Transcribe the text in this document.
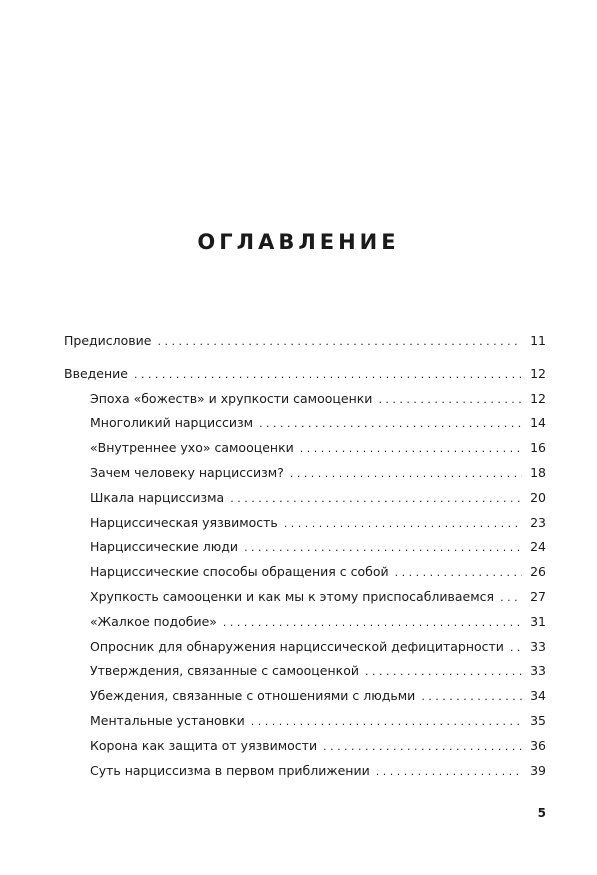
ОГЛАВЛЕНИЕ
Предисловие . . .	11
Введение . . .	12
Эпоха «божеств» и хрупкости самооценки . . .	12
Многоликий нарциссизм . . .	14
«Внутреннее ухо» самооценки . . .	16
Зачем человеку нарциссизм? . . .	18
Шкала нарциссизма . . .	20
Нарциссическая уязвимость . . .	23
Нарциссические люди . . .	24
Нарциссические способы обращения с собой . . .	26
Хрупкость самооценки и как мы к этому приспосабливаемся . . .	27
«Жалкое подобие» . . .	31
Опросник для обнаружения нарциссической дефицитарности . . .	33
Утверждения, связанные с самооценкой . . .	33
Убеждения, связанные с отношениями с людьми . . .	34
Ментальные установки . . .	35
Корона как защита от уязвимости . . .	36
Суть нарциссизма в первом приближении . . .	39
5
